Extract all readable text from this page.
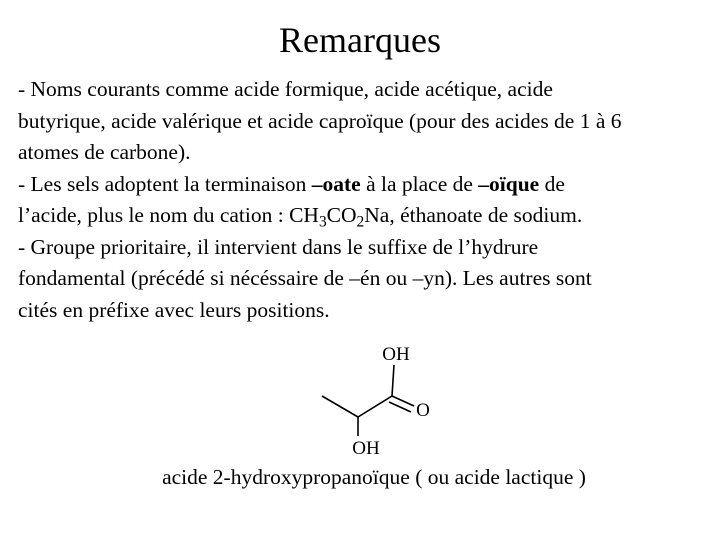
Remarques
- Noms courants comme acide formique, acide acétique, acide
butyrique, acide valérique et acide caproïque (pour des acides de 1 à 6
atomes de carbone).
- Les sels adoptent la terminaison –oate à la place de –oïque de
l’acide, plus le nom du cation : $CH_3CO_2Na$, éthanoate de sodium.
- Groupe prioritaire, il intervient dans le suffixe de l’hydrure
fondamental (précédé si nécéssaire de –én ou –yn). Les autres sont
cités en préfixe avec leurs positions.
OH
O
OH
acide 2-hydroxypropanoïque ( ou acide lactique )
